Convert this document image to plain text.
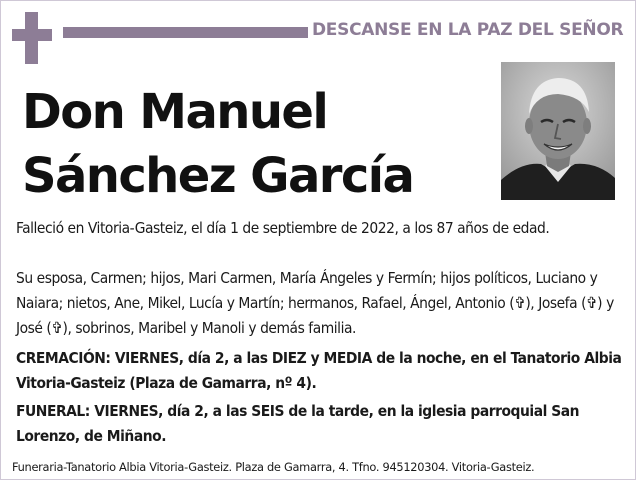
DESCANSE EN LA PAZ DEL SEÑOR
Don Manuel
Sánchez García
Falleció en Vitoria-Gasteiz, el día 1 de septiembre de 2022, a los 87 años de edad.
Su esposa, Carmen; hijos, Mari Carmen, María Ángeles y Fermín; hijos políticos, Luciano y Naiara; nietos, Ane, Mikel, Lucía y Martín; hermanos, Rafael, Ángel, Antonio (✞), Josefa (✞) y José (✞), sobrinos, Maribel y Manoli y demás familia.
CREMACIÓN: VIERNES, día 2, a las DIEZ y MEDIA de la noche, en el Tanatorio Albia Vitoria-Gasteiz (Plaza de Gamarra, nº 4).
FUNERAL: VIERNES, día 2, a las SEIS de la tarde, en la iglesia parroquial San Lorenzo, de Miñano.
Funeraria-Tanatorio Albia Vitoria-Gasteiz. Plaza de Gamarra, 4. Tfno. 945120304. Vitoria-Gasteiz.
